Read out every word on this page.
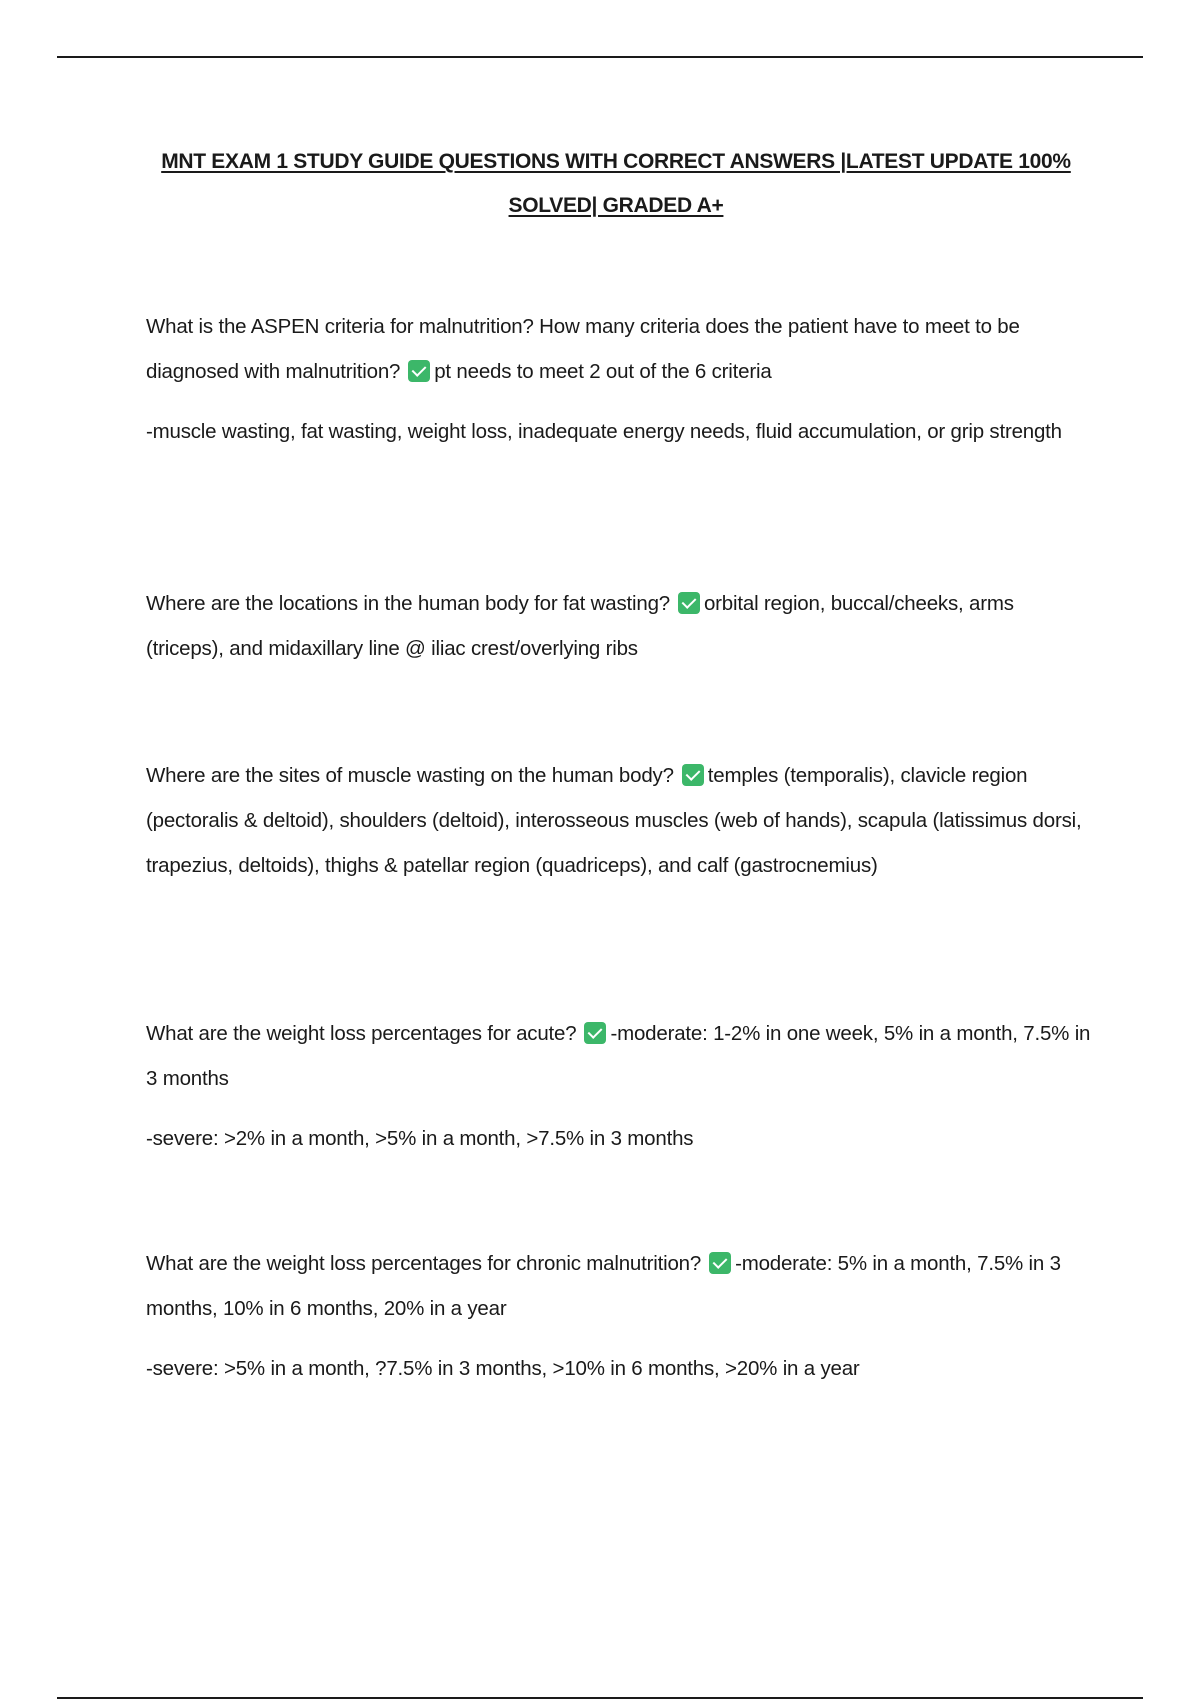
MNT EXAM 1 STUDY GUIDE QUESTIONS WITH CORRECT ANSWERS |LATEST UPDATE 100% SOLVED| GRADED A+

What is the ASPEN criteria for malnutrition? How many criteria does the patient have to meet to be diagnosed with malnutrition? pt needs to meet 2 out of the 6 criteria

-muscle wasting, fat wasting, weight loss, inadequate energy needs, fluid accumulation, or grip strength

Where are the locations in the human body for fat wasting? orbital region, buccal/cheeks, arms (triceps), and midaxillary line @ iliac crest/overlying ribs

Where are the sites of muscle wasting on the human body? temples (temporalis), clavicle region (pectoralis & deltoid), shoulders (deltoid), interosseous muscles (web of hands), scapula (latissimus dorsi, trapezius, deltoids), thighs & patellar region (quadriceps), and calf (gastrocnemius)

What are the weight loss percentages for acute? -moderate: 1-2% in one week, 5% in a month, 7.5% in 3 months

-severe: >2% in a month, >5% in a month, >7.5% in 3 months

What are the weight loss percentages for chronic malnutrition? -moderate: 5% in a month, 7.5% in 3 months, 10% in 6 months, 20% in a year

-severe: >5% in a month, ?7.5% in 3 months, >10% in 6 months, >20% in a year
